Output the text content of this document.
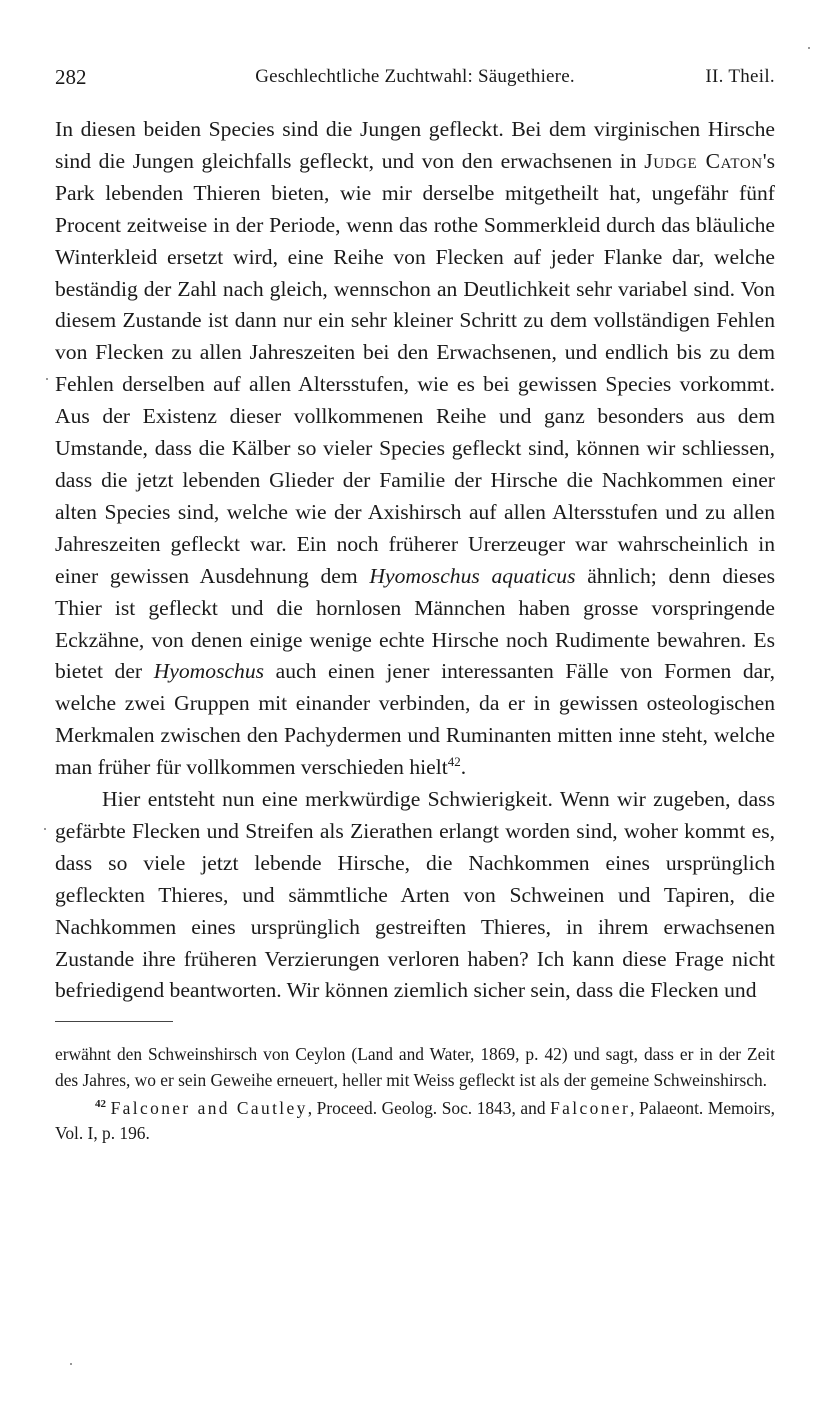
282	Geschlechtliche Zuchtwahl: Säugethiere.	II. Theil.

In diesen beiden Species sind die Jungen gefleckt. Bei dem virginischen Hirsche sind die Jungen gleichfalls gefleckt, und von den erwachsenen in Judge Caton's Park lebenden Thieren bieten, wie mir derselbe mitgetheilt hat, ungefähr fünf Procent zeitweise in der Periode, wenn das rothe Sommerkleid durch das bläuliche Winterkleid ersetzt wird, eine Reihe von Flecken auf jeder Flanke dar, welche beständig der Zahl nach gleich, wennschon an Deutlichkeit sehr variabel sind. Von diesem Zustande ist dann nur ein sehr kleiner Schritt zu dem vollständigen Fehlen von Flecken zu allen Jahreszeiten bei den Erwachsenen, und endlich bis zu dem Fehlen derselben auf allen Altersstufen, wie es bei gewissen Species vorkommt. Aus der Existenz dieser vollkommenen Reihe und ganz besonders aus dem Umstande, dass die Kälber so vieler Species gefleckt sind, können wir schliessen, dass die jetzt lebenden Glieder der Familie der Hirsche die Nachkommen einer alten Species sind, welche wie der Axishirsch auf allen Altersstufen und zu allen Jahreszeiten gefleckt war. Ein noch früherer Urerzeuger war wahrscheinlich in einer gewissen Ausdehnung dem Hyomoschus aquaticus ähnlich; denn dieses Thier ist gefleckt und die hornlosen Männchen haben grosse vorspringende Eckzähne, von denen einige wenige echte Hirsche noch Rudimente bewahren. Es bietet der Hyomoschus auch einen jener interessanten Fälle von Formen dar, welche zwei Gruppen mit einander verbinden, da er in gewissen osteologischen Merkmalen zwischen den Pachydermen und Ruminanten mitten inne steht, welche man früher für vollkommen verschieden hielt$^{42}$.

Hier entsteht nun eine merkwürdige Schwierigkeit. Wenn wir zugeben, dass gefärbte Flecken und Streifen als Zierathen erlangt worden sind, woher kommt es, dass so viele jetzt lebende Hirsche, die Nachkommen eines ursprünglich gefleckten Thieres, und sämmtliche Arten von Schweinen und Tapiren, die Nachkommen eines ursprünglich gestreiften Thieres, in ihrem erwachsenen Zustande ihre früheren Verzierungen verloren haben? Ich kann diese Frage nicht befriedigend beantworten. Wir können ziemlich sicher sein, dass die Flecken und

erwähnt den Schweinshirsch von Ceylon (Land and Water, 1869, p. 42) und sagt, dass er in der Zeit des Jahres, wo er sein Geweihe erneuert, heller mit Weiss gefleckt ist als der gemeine Schweinshirsch.

$^{42}$ Falconer and Cautley, Proceed. Geolog. Soc. 1843, and Falconer, Palaeont. Memoirs, Vol. I, p. 196.
